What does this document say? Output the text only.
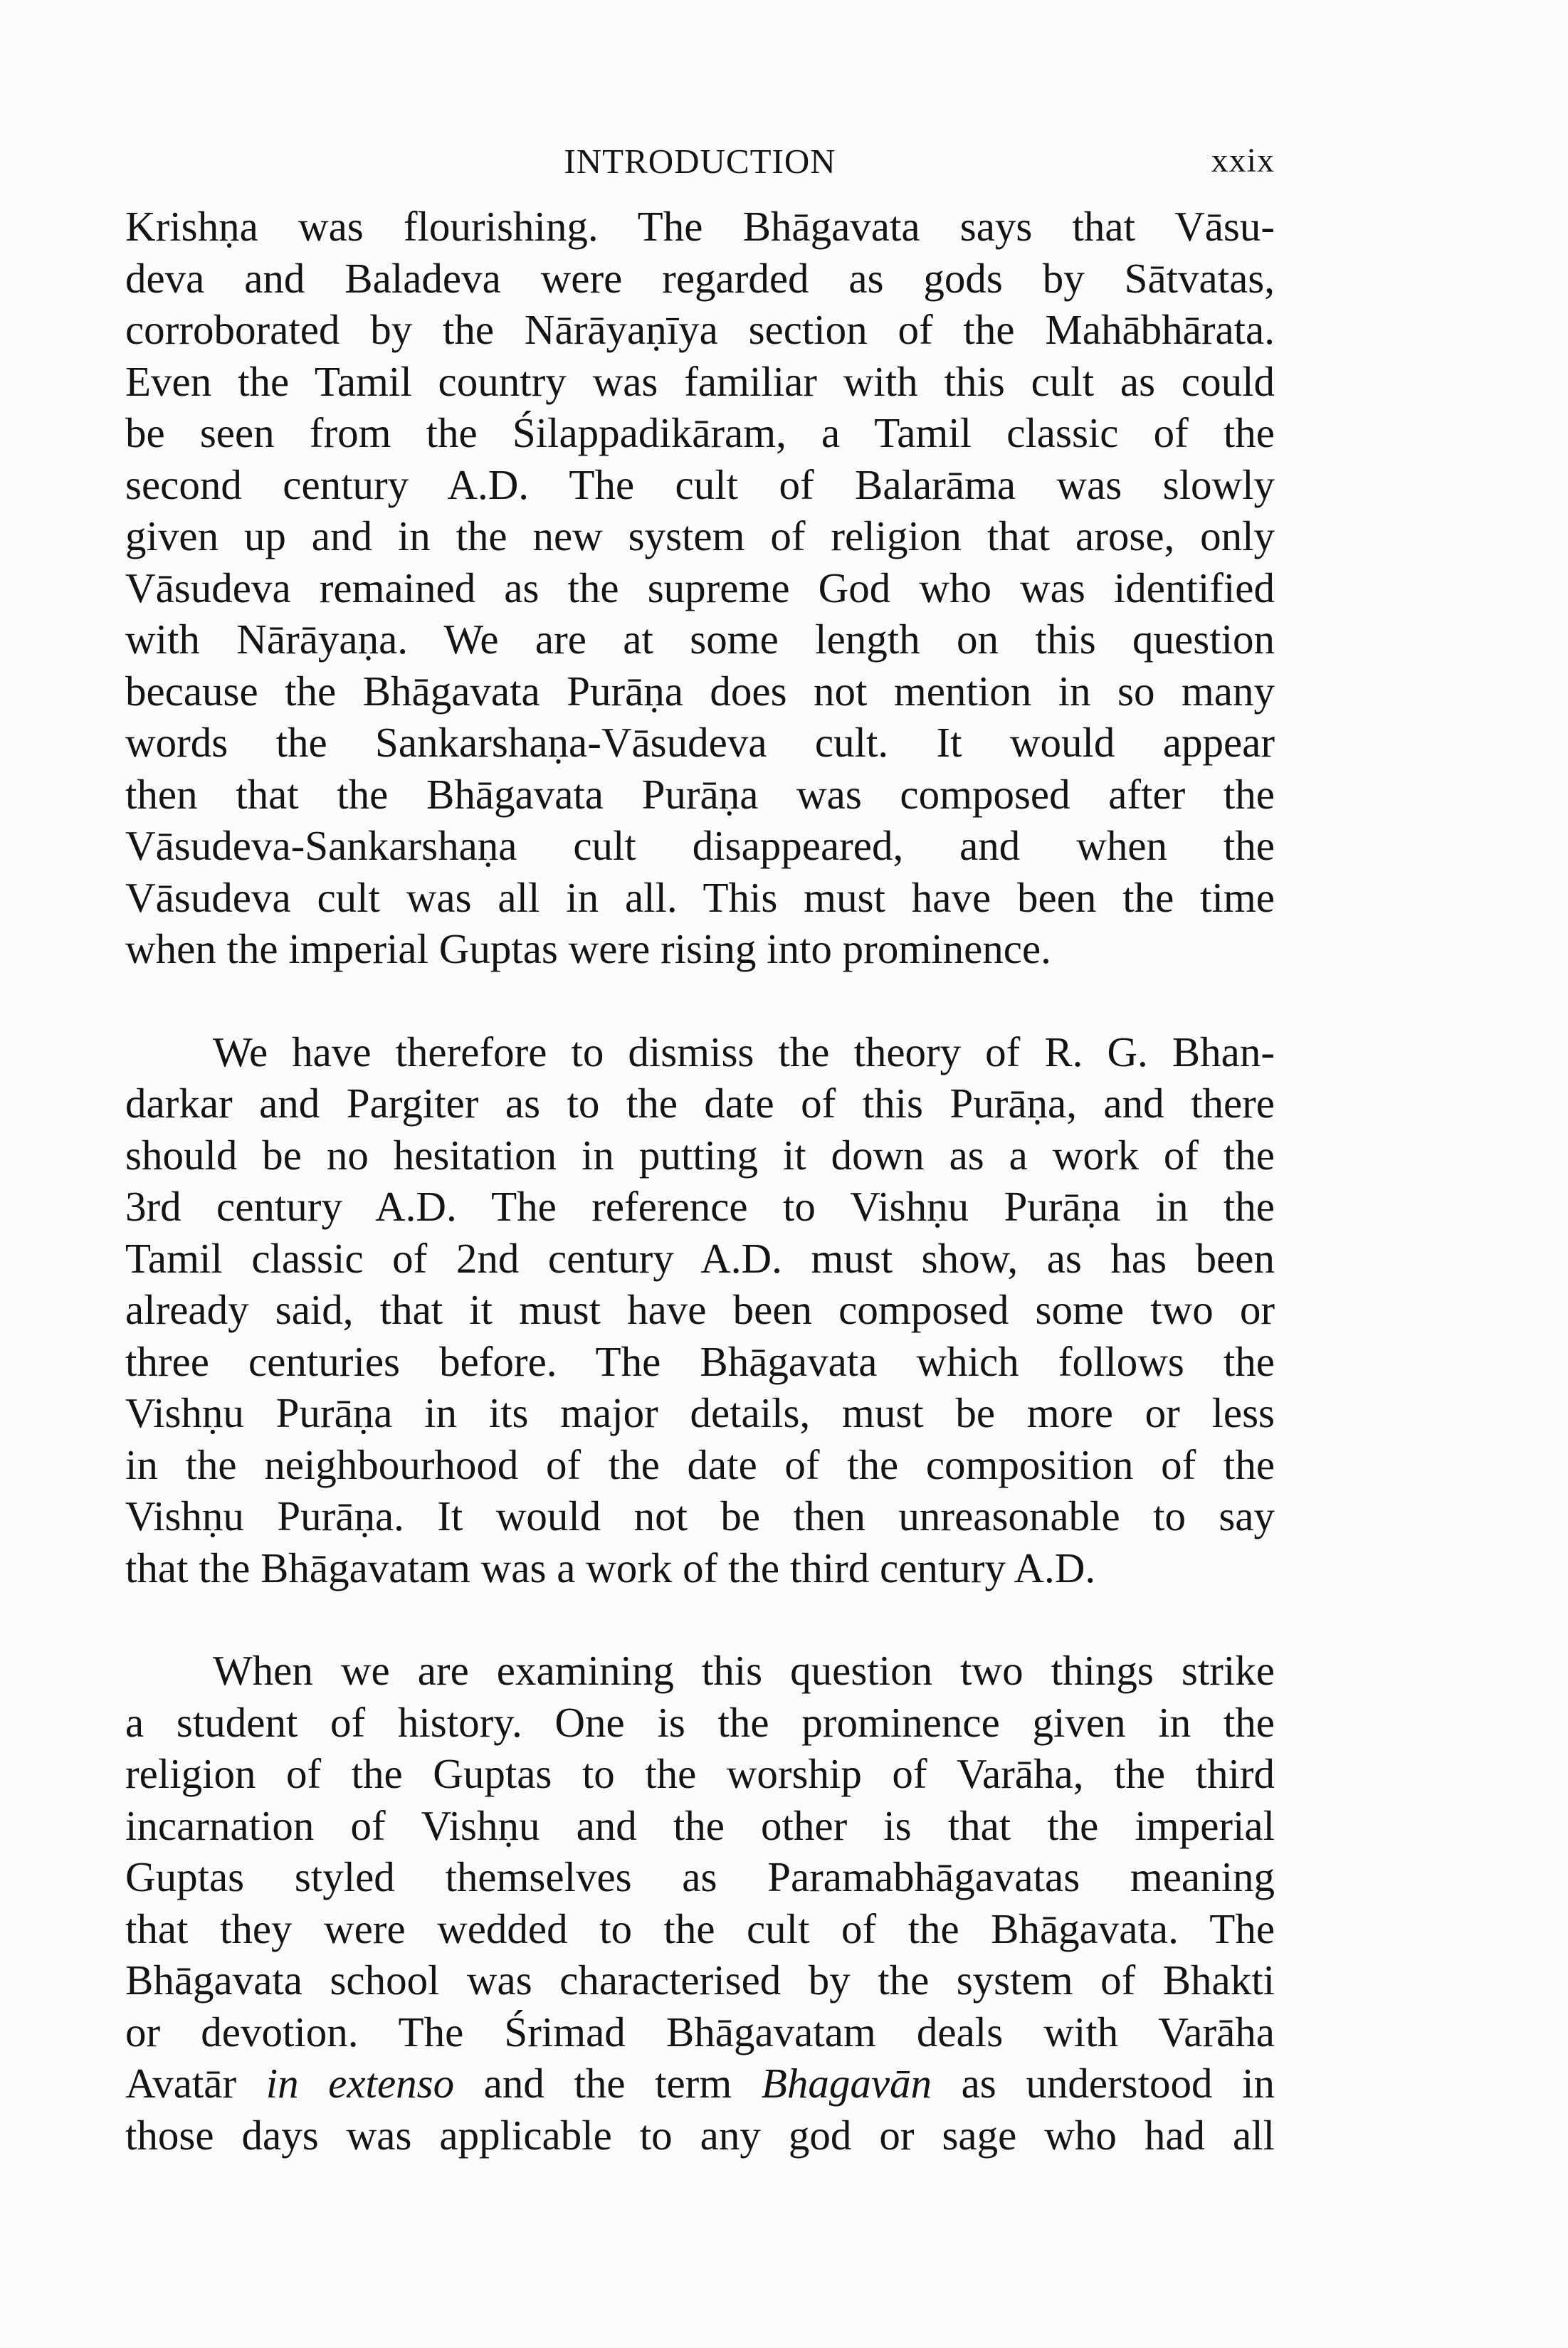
INTRODUCTION	xxix

Krishṇa was flourishing. The Bhāgavata says that Vāsu-
deva and Baladeva were regarded as gods by Sātvatas,
corroborated by the Nārāyaṇīya section of the Mahābhārata.
Even the Tamil country was familiar with this cult as could
be seen from the Śilappadikāram, a Tamil classic of the
second century A.D. The cult of Balarāma was slowly
given up and in the new system of religion that arose, only
Vāsudeva remained as the supreme God who was identified
with Nārāyaṇa. We are at some length on this question
because the Bhāgavata Purāṇa does not mention in so many
words the Sankarshaṇa-Vāsudeva cult. It would appear
then that the Bhāgavata Purāṇa was composed after the
Vāsudeva-Sankarshaṇa cult disappeared, and when the
Vāsudeva cult was all in all. This must have been the time
when the imperial Guptas were rising into prominence.

We have therefore to dismiss the theory of R. G. Bhan-
darkar and Pargiter as to the date of this Purāṇa, and there
should be no hesitation in putting it down as a work of the
3rd century A.D. The reference to Vishṇu Purāṇa in the
Tamil classic of 2nd century A.D. must show, as has been
already said, that it must have been composed some two or
three centuries before. The Bhāgavata which follows the
Vishṇu Purāṇa in its major details, must be more or less
in the neighbourhood of the date of the composition of the
Vishṇu Purāṇa. It would not be then unreasonable to say
that the Bhāgavatam was a work of the third century A.D.

When we are examining this question two things strike
a student of history. One is the prominence given in the
religion of the Guptas to the worship of Varāha, the third
incarnation of Vishṇu and the other is that the imperial
Guptas styled themselves as Paramabhāgavatas meaning
that they were wedded to the cult of the Bhāgavata. The
Bhāgavata school was characterised by the system of Bhakti
or devotion. The Śrimad Bhāgavatam deals with Varāha
Avatār in extenso and the term Bhagavān as understood in
those days was applicable to any god or sage who had all
